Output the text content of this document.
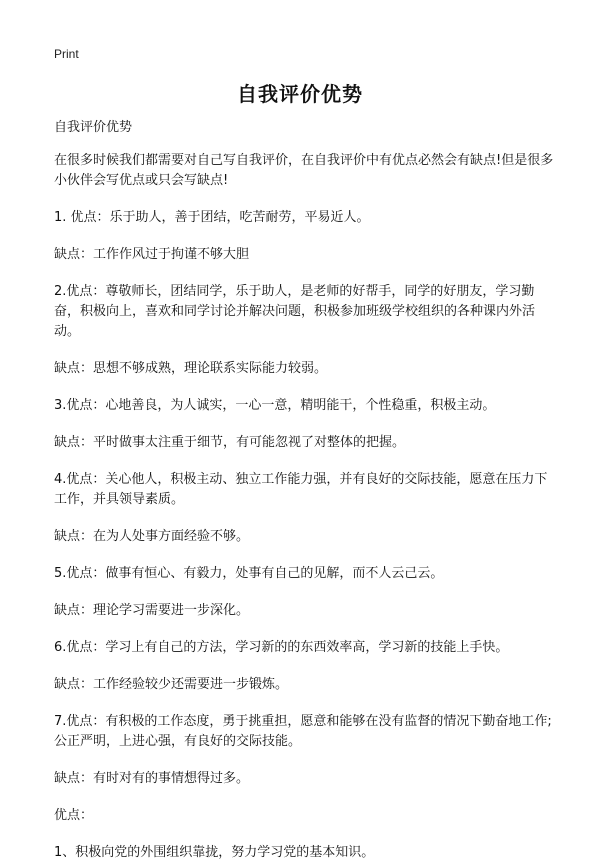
Print
自我评价优势

自我评价优势

在很多时候我们都需要对自己写自我评价，在自我评价中有优点必然会有缺点!但是很多小伙伴会写优点或只会写缺点!

1. 优点：乐于助人，善于团结，吃苦耐劳，平易近人。

缺点：工作作风过于拘谨不够大胆

2.优点：尊敬师长，团结同学，乐于助人，是老师的好帮手，同学的好朋友，学习勤奋，积极向上，喜欢和同学讨论并解决问题，积极参加班级学校组织的各种课内外活动。

缺点：思想不够成熟，理论联系实际能力较弱。

3.优点：心地善良，为人诚实，一心一意，精明能干，个性稳重，积极主动。

缺点：平时做事太注重于细节，有可能忽视了对整体的把握。

4.优点：关心他人，积极主动、独立工作能力强，并有良好的交际技能，愿意在压力下工作，并具领导素质。

缺点：在为人处事方面经验不够。

5.优点：做事有恒心、有毅力，处事有自己的见解，而不人云己云。

缺点：理论学习需要进一步深化。

6.优点：学习上有自己的方法，学习新的的东西效率高，学习新的技能上手快。

缺点：工作经验较少还需要进一步锻炼。

7.优点：有积极的工作态度，勇于挑重担，愿意和能够在没有监督的情况下勤奋地工作;公正严明，上进心强，有良好的交际技能。

缺点：有时对有的事情想得过多。

优点：

1、积极向党的外围组织靠拢，努力学习党的基本知识。
